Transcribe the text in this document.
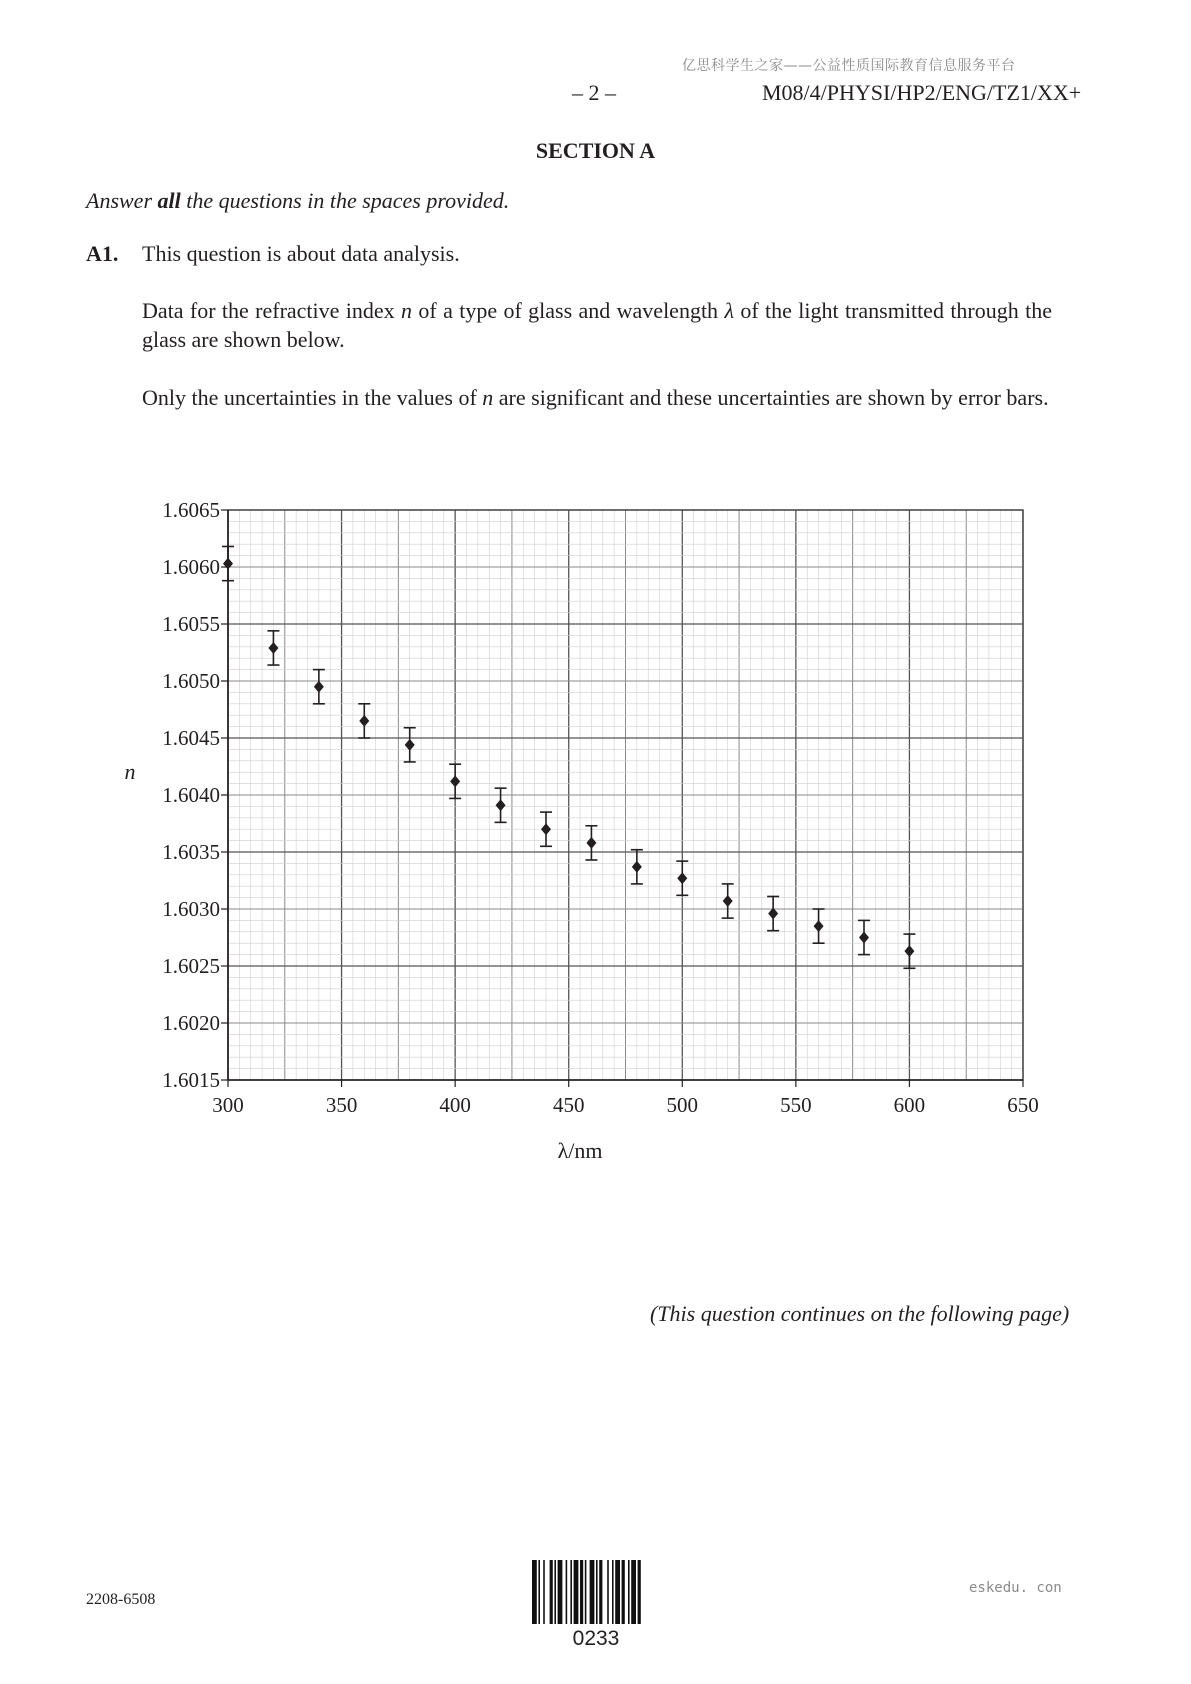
亿思科学生之家——公益性质国际教育信息服务平台
– 2 –	M08/4/PHYSI/HP2/ENG/TZ1/XX+
SECTION A
Answer all the questions in the spaces provided.
A1. This question is about data analysis.
Data for the refractive index n of a type of glass and wavelength λ of the light transmitted through the glass are shown below.
Only the uncertainties in the values of n are significant and these uncertainties are shown by error bars.
1.6015
1.6020
1.6025
1.6030
1.6035
1.6040
1.6045
1.6050
1.6055
1.6060
1.6065
300	350	400	450	500	550	600	650
n
λ/nm
(This question continues on the following page)
2208-6508
0233
eskedu. con
